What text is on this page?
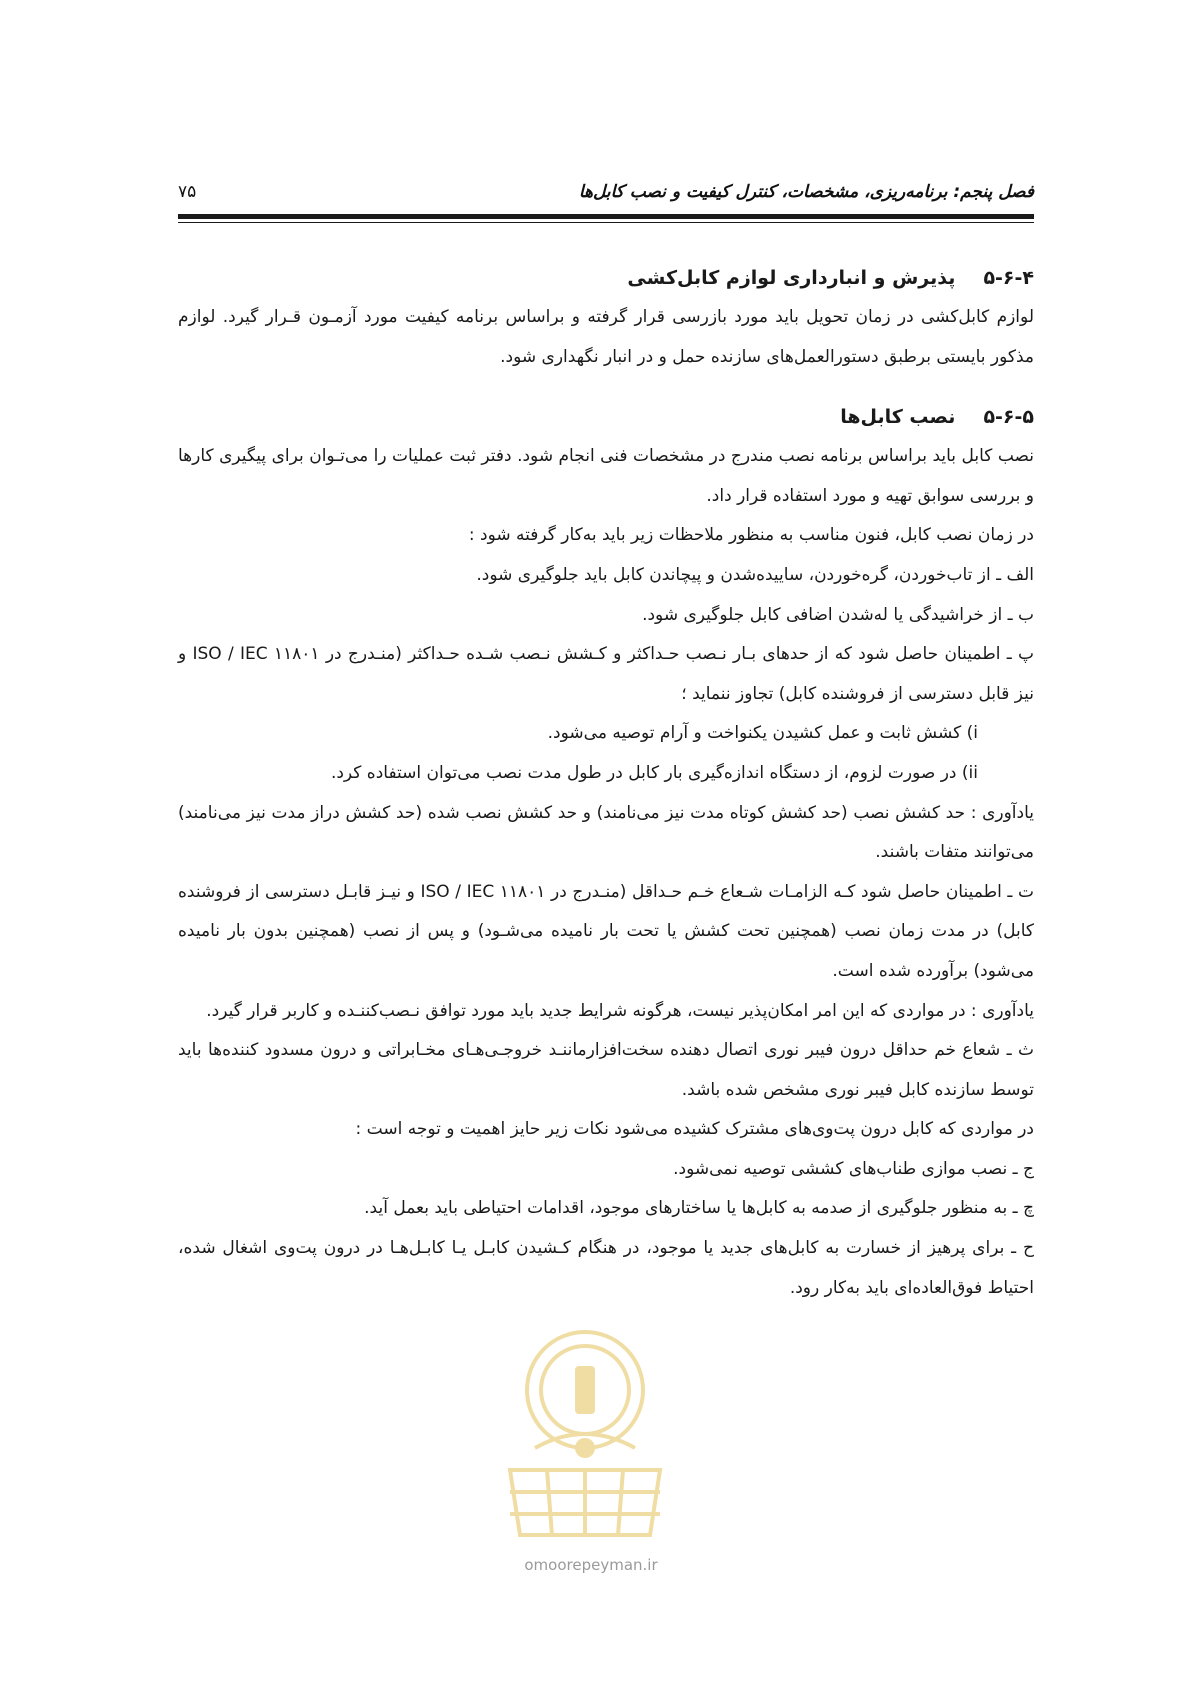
فصل پنجم: برنامه‌ریزی، مشخصات، کنترل کیفیت و نصب کابل‌ها
۷۵
۵-۶-۴ پذیرش و انبارداری لوازم کابل‌کشی

لوازم کابل‌کشی در زمان تحویل باید مورد بازرسی قرار گرفته و براساس برنامه کیفیت مورد آزمـون قـرار گیرد. لوازم مذکور بایستی برطبق دستورالعمل‌های سازنده حمل و در انبار نگهداری شود.

۵-۶-۵ نصب کابل‌ها

نصب کابل باید براساس برنامه نصب مندرج در مشخصات فنی انجام شود. دفتر ثبت عملیات را می‌تـوان برای پیگیری کارها و بررسی سوابق تهیه و مورد استفاده قرار داد.

در زمان نصب کابل، فنون مناسب به منظور ملاحظات زیر باید به‌کار گرفته شود :

الف ـ از تاب‌خوردن، گره‌خوردن، ساییده‌شدن و پیچاندن کابل باید جلوگیری شود.

ب ـ از خراشیدگی یا له‌شدن اضافی کابل جلوگیری شود.

پ ـ اطمینان حاصل شود که از حدهای بـار نـصب حـداکثر و کـشش نـصب شـده حـداکثر (منـدرج در ISO / IEC ۱۱۸۰۱ و نیز قابل دسترسی از فروشنده کابل) تجاوز ننماید ؛

i) کشش ثابت و عمل کشیدن یکنواخت و آرام توصیه می‌شود.

ii) در صورت لزوم، از دستگاه اندازه‌گیری بار کابل در طول مدت نصب می‌توان استفاده کرد.

یادآوری : حد کشش نصب (حد کشش کوتاه مدت نیز می‌نامند) و حد کشش نصب شده (حد کشش دراز مدت نیز می‌نامند) می‌توانند متفات باشند.

ت ـ اطمینان حاصل شود کـه الزامـات شـعاع خـم حـداقل (منـدرج در ISO / IEC ۱۱۸۰۱ و نیـز قابـل دسترسی از فروشنده کابل) در مدت زمان نصب (همچنین تحت کشش یا تحت بار نامیده می‌شـود) و پس از نصب (همچنین بدون بار نامیده می‌شود) برآورده شده است.

یادآوری : در مواردی که این امر امکان‌پذیر نیست، هرگونه شرایط جدید باید مورد توافق نـصب‌کننـده و کاربر قرار گیرد.

ث ـ شعاع خم حداقل درون فیبر نوری اتصال دهنده سخت‌افزارماننـد خروجـی‌هـای مخـابراتی و درون مسدود کننده‌ها باید توسط سازنده کابل فیبر نوری مشخص شده باشد.

در مواردی که کابل درون پت‌وی‌های مشترک کشیده می‌شود نکات زیر حایز اهمیت و توجه است :

ج ـ نصب موازی طناب‌های کششی توصیه نمی‌شود.

چ ـ به منظور جلوگیری از صدمه به کابل‌ها یا ساختارهای موجود، اقدامات احتیاطی باید بعمل آید.

ح ـ برای پرهیز از خسارت به کابل‌های جدید یا موجود، در هنگام کـشیدن کابـل یـا کابـل‌هـا در درون پت‌وی اشغال شده، احتیاط فوق‌العاده‌ای باید به‌کار رود.

omoorepeyman.ir
